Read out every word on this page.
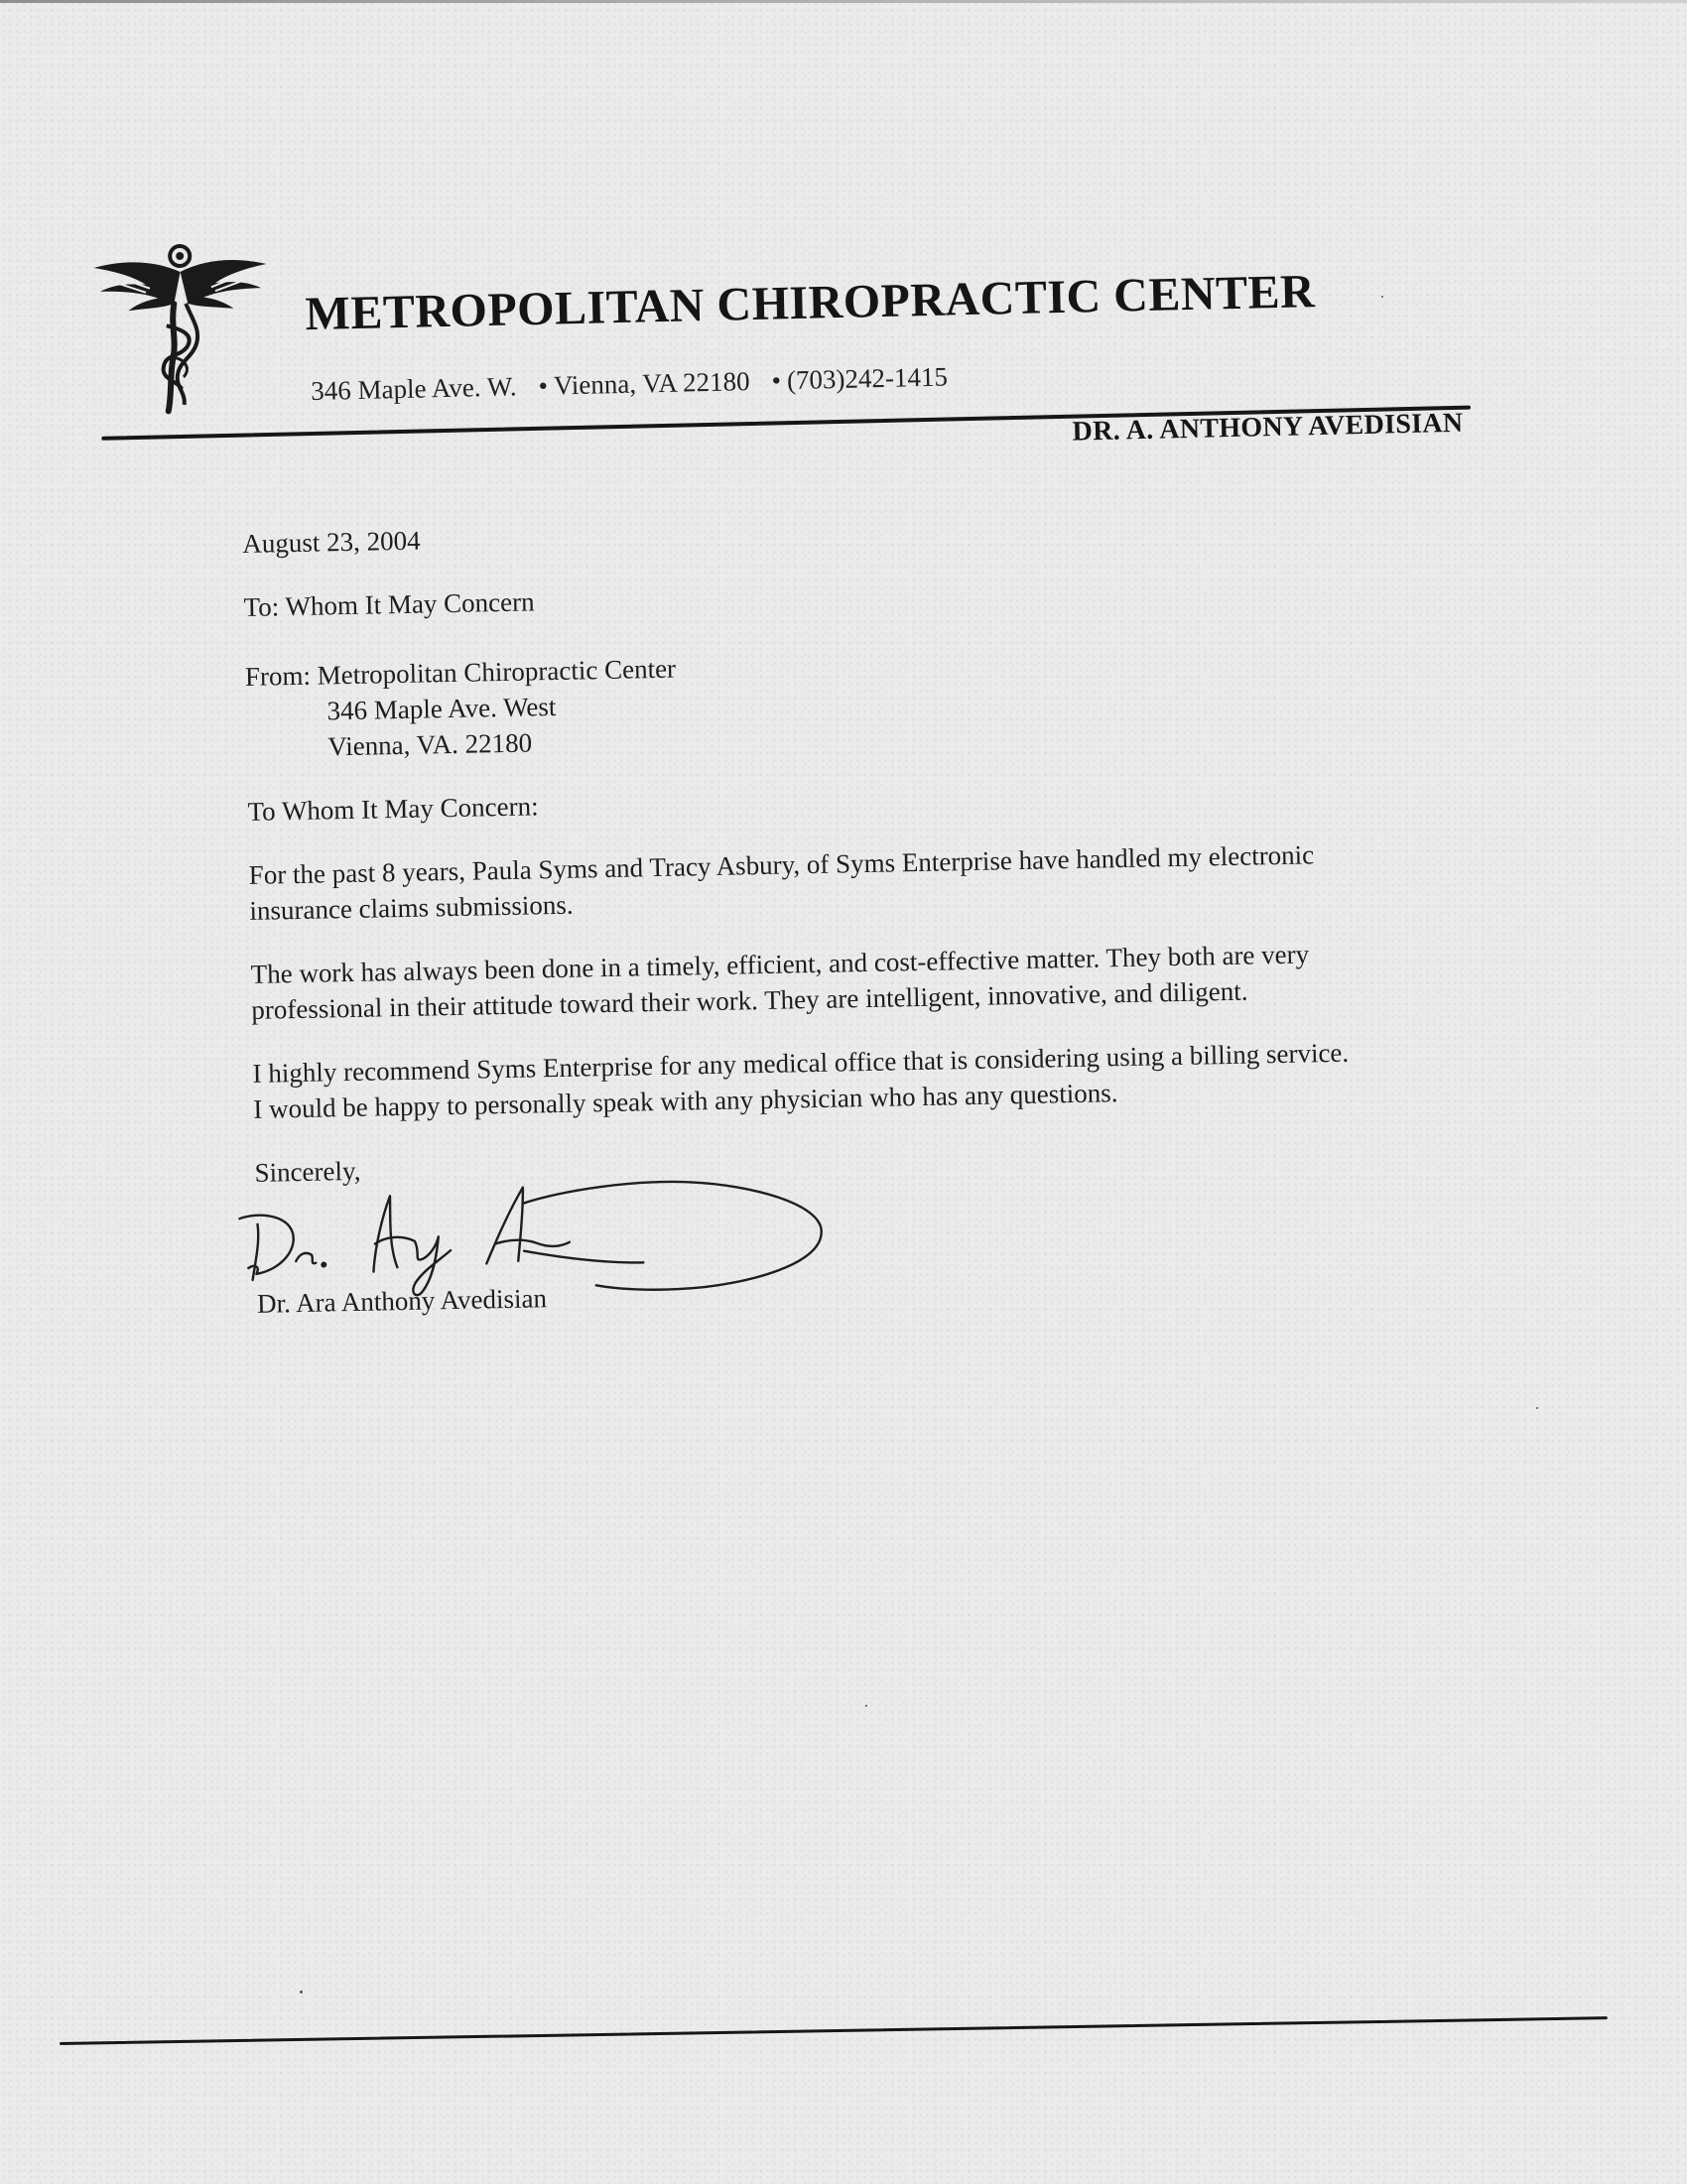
METROPOLITAN CHIROPRACTIC CENTER
346 Maple Ave. W. • Vienna, VA 22180 • (703)242-1415
DR. A. ANTHONY AVEDISIAN

August 23, 2004

To: Whom It May Concern

From: Metropolitan Chiropractic Center

346 Maple Ave. West

Vienna, VA. 22180

To Whom It May Concern:

For the past 8 years, Paula Syms and Tracy Asbury, of Syms Enterprise have handled my electronic insurance claims submissions.

The work has always been done in a timely, efficient, and cost-effective matter. They both are very professional in their attitude toward their work. They are intelligent, innovative, and diligent.

I highly recommend Syms Enterprise for any medical office that is considering using a billing service. I would be happy to personally speak with any physician who has any questions.

Sincerely,

Dr. Ara Anthony Avedisian
